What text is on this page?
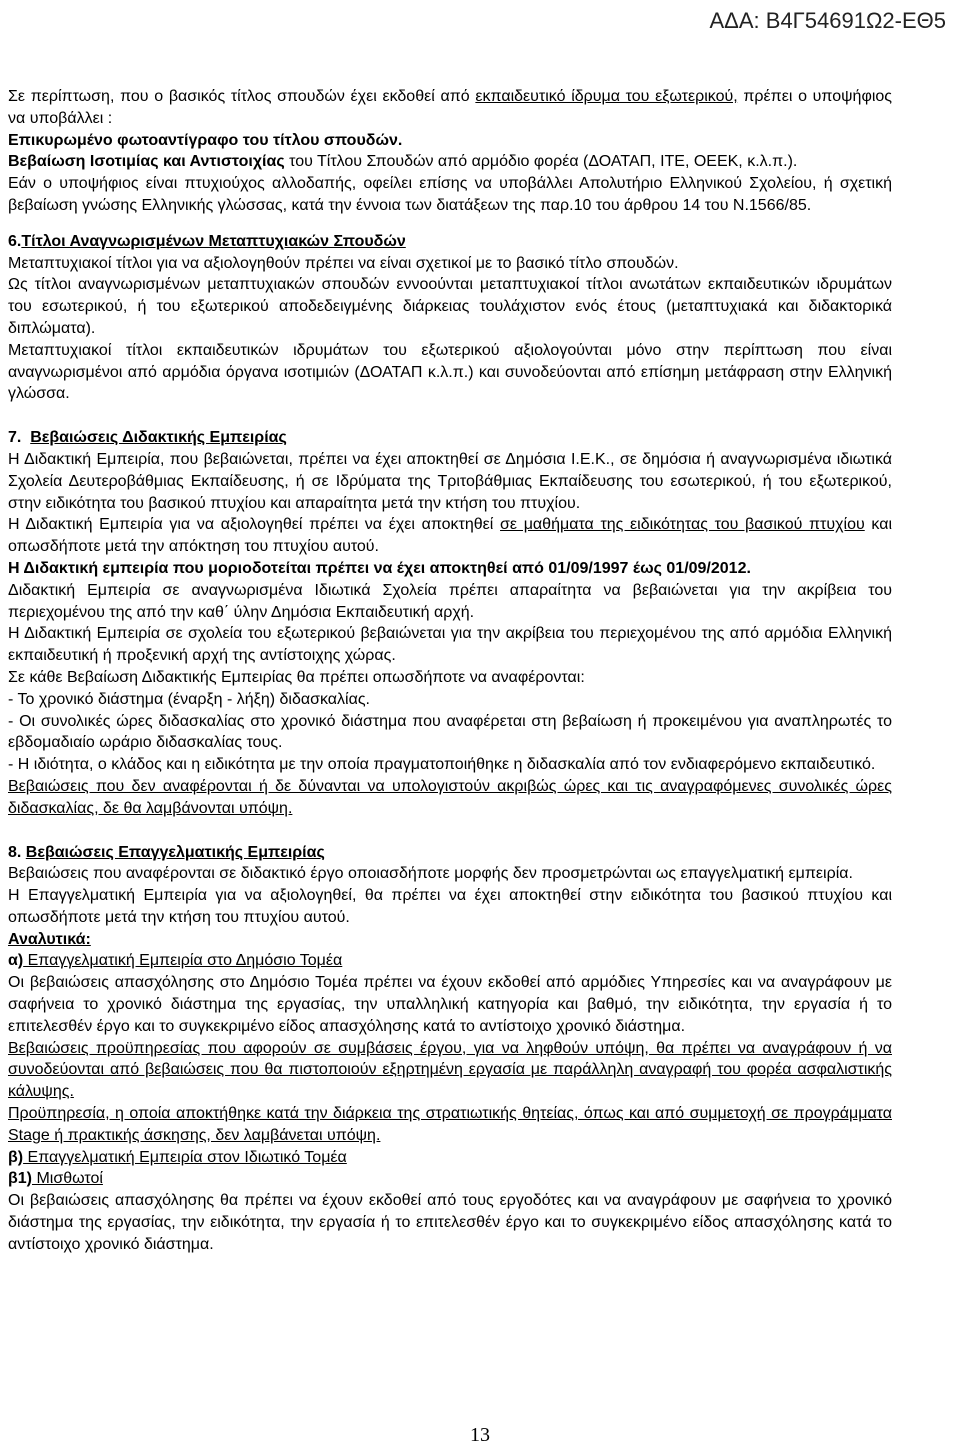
ΑΔΑ: Β4Γ54691Ω2-ΕΘ5

Σε περίπτωση, που ο βασικός τίτλος σπουδών έχει εκδοθεί από εκπαιδευτικό ίδρυμα του εξωτερικού, πρέπει ο υποψήφιος να υποβάλλει :

Επικυρωμένο φωτοαντίγραφο του τίτλου σπουδών.

Βεβαίωση Ισοτιμίας και Αντιστοιχίας του Τίτλου Σπουδών από αρμόδιο φορέα (ΔΟΑΤΑΠ, ΙΤΕ, ΟΕΕΚ, κ.λ.π.).

Εάν ο υποψήφιος είναι πτυχιούχος αλλοδαπής, οφείλει επίσης να υποβάλλει Απολυτήριο Ελληνικού Σχολείου, ή σχετική βεβαίωση γνώσης Ελληνικής γλώσσας, κατά την έννοια των διατάξεων της παρ.10 του άρθρου 14 του Ν.1566/85.

6.Τίτλοι Αναγνωρισμένων Μεταπτυχιακών Σπουδών

Μεταπτυχιακοί τίτλοι για να αξιολογηθούν πρέπει να είναι σχετικοί με το βασικό τίτλο σπουδών.

Ως τίτλοι αναγνωρισμένων μεταπτυχιακών σπουδών εννοούνται μεταπτυχιακοί τίτλοι ανωτάτων εκπαιδευτικών ιδρυμάτων του εσωτερικού, ή του εξωτερικού αποδεδειγμένης διάρκειας τουλάχιστον ενός έτους (μεταπτυχιακά και διδακτορικά διπλώματα).

Μεταπτυχιακοί τίτλοι εκπαιδευτικών ιδρυμάτων του εξωτερικού αξιολογούνται μόνο στην περίπτωση που είναι αναγνωρισμένοι από αρμόδια όργανα ισοτιμιών (ΔΟΑΤΑΠ κ.λ.π.) και συνοδεύονται από επίσημη μετάφραση στην Ελληνική γλώσσα.

7. Βεβαιώσεις Διδακτικής Εμπειρίας

Η Διδακτική Εμπειρία, που βεβαιώνεται, πρέπει να έχει αποκτηθεί σε Δημόσια Ι.Ε.Κ., σε δημόσια ή αναγνωρισμένα ιδιωτικά Σχολεία Δευτεροβάθμιας Εκπαίδευσης, ή σε Ιδρύματα της Τριτοβάθμιας Εκπαίδευσης του εσωτερικού, ή του εξωτερικού, στην ειδικότητα του βασικού πτυχίου και απαραίτητα μετά την κτήση του πτυχίου.

Η Διδακτική Εμπειρία για να αξιολογηθεί πρέπει να έχει αποκτηθεί σε μαθήματα της ειδικότητας του βασικού πτυχίου και οπωσδήποτε μετά την απόκτηση του πτυχίου αυτού.

Η Διδακτική εμπειρία που μοριοδοτείται πρέπει να έχει αποκτηθεί από 01/09/1997 έως 01/09/2012.

Διδακτική Εμπειρία σε αναγνωρισμένα Ιδιωτικά Σχολεία πρέπει απαραίτητα να βεβαιώνεται για την ακρίβεια του περιεχομένου της από την καθ΄ ύλην Δημόσια Εκπαιδευτική αρχή.

Η Διδακτική Εμπειρία σε σχολεία του εξωτερικού βεβαιώνεται για την ακρίβεια του περιεχομένου της από αρμόδια Ελληνική εκπαιδευτική ή προξενική αρχή της αντίστοιχης χώρας.

Σε κάθε Βεβαίωση Διδακτικής Εμπειρίας θα πρέπει οπωσδήποτε να αναφέρονται:

- Το χρονικό διάστημα (έναρξη - λήξη) διδασκαλίας.

- Οι συνολικές ώρες διδασκαλίας στο χρονικό διάστημα που αναφέρεται στη βεβαίωση ή προκειμένου για αναπληρωτές το εβδομαδιαίο ωράριο διδασκαλίας τους.

- Η ιδιότητα, ο κλάδος και η ειδικότητα με την οποία πραγματοποιήθηκε η διδασκαλία από τον ενδιαφερόμενο εκπαιδευτικό.

Βεβαιώσεις που δεν αναφέρονται ή δε δύνανται να υπολογιστούν ακριβώς ώρες και τις αναγραφόμενες συνολικές ώρες διδασκαλίας, δε θα λαμβάνονται υπόψη.

8. Βεβαιώσεις Επαγγελματικής Εμπειρίας

Βεβαιώσεις που αναφέρονται σε διδακτικό έργο οποιασδήποτε μορφής δεν προσμετρώνται ως επαγγελματική εμπειρία.

Η Επαγγελματική Εμπειρία για να αξιολογηθεί, θα πρέπει να έχει αποκτηθεί στην ειδικότητα του βασικού πτυχίου και οπωσδήποτε μετά την κτήση του πτυχίου αυτού.

Αναλυτικά:

α) Επαγγελματική Εμπειρία στο Δημόσιο Τομέα

Οι βεβαιώσεις απασχόλησης στο Δημόσιο Τομέα πρέπει να έχουν εκδοθεί από αρμόδιες Υπηρεσίες και να αναγράφουν με σαφήνεια το χρονικό διάστημα της εργασίας, την υπαλληλική κατηγορία και βαθμό, την ειδικότητα, την εργασία ή το επιτελεσθέν έργο και το συγκεκριμένο είδος απασχόλησης κατά το αντίστοιχο χρονικό διάστημα.

Βεβαιώσεις προϋπηρεσίας που αφορούν σε συμβάσεις έργου, για να ληφθούν υπόψη, θα πρέπει να αναγράφουν ή να συνοδεύονται από βεβαιώσεις που θα πιστοποιούν εξηρτημένη εργασία με παράλληλη αναγραφή του φορέα ασφαλιστικής κάλυψης.

Προϋπηρεσία, η οποία αποκτήθηκε κατά την διάρκεια της στρατιωτικής θητείας, όπως και από συμμετοχή σε προγράμματα Stage ή πρακτικής άσκησης, δεν λαμβάνεται υπόψη.

β) Επαγγελματική Εμπειρία στον Ιδιωτικό Τομέα

β1) Μισθωτοί

Οι βεβαιώσεις απασχόλησης θα πρέπει να έχουν εκδοθεί από τους εργοδότες και να αναγράφουν με σαφήνεια το χρονικό διάστημα της εργασίας, την ειδικότητα, την εργασία ή το επιτελεσθέν έργο και το συγκεκριμένο είδος απασχόλησης κατά το αντίστοιχο χρονικό διάστημα.

13
